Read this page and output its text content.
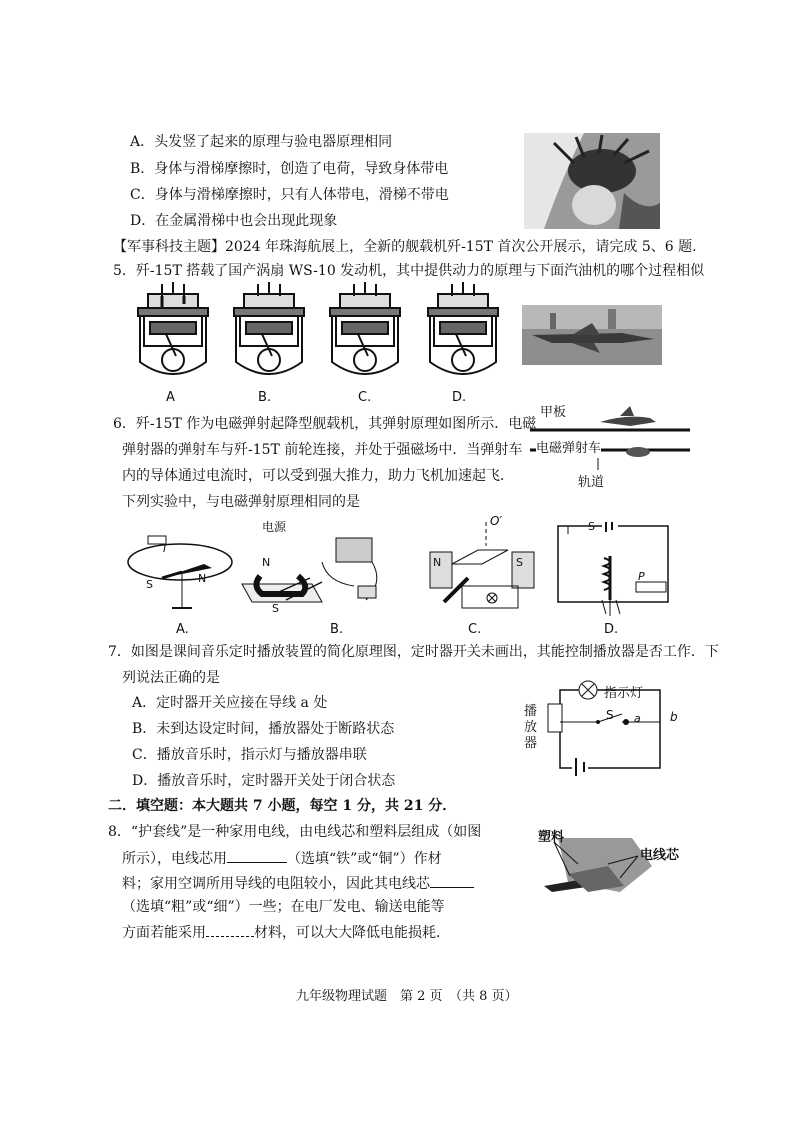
A．头发竖了起来的原理与验电器原理相同
B．身体与滑梯摩擦时，创造了电荷，导致身体带电
C．身体与滑梯摩擦时，只有人体带电，滑梯不带电
D．在金属滑梯中也会出现此现象
【军事科技主题】2024 年珠海航展上，全新的舰载机歼-15T 首次公开展示，请完成 5、6 题.
5．歼-15T 搭载了国产涡扇 WS-10 发动机，其中提供动力的原理与下面汽油机的哪个过程相似
A	B.	C.	D.
6．歼-15T 作为电磁弹射起降型舰载机，其弹射原理如图所示．电磁
弹射器的弹射车与歼-15T 前轮连接，并处于强磁场中．当弹射车
内的导体通过电流时，可以受到强大推力，助力飞机加速起飞．
下列实验中，与电磁弹射原理相同的是
甲板
电磁弹射车
轨道
电源
I
S	N
N
S
O′
N	S
S
P
A.	B.	C.	D.
7．如图是课间音乐定时播放装置的简化原理图，定时器开关未画出，其能控制播放器是否工作．下
列说法正确的是
A．定时器开关应接在导线 a 处
B．未到达设定时间，播放器处于断路状态
C．播放音乐时，指示灯与播放器串联
D．播放音乐时，定时器开关处于闭合状态
指示灯
播放器
S a b
二．填空题：本大题共 7 小题，每空 1 分，共 21 分．
8．“护套线”是一种家用电线，由电线芯和塑料层组成（如图
所示），电线芯用	（选填“铁”或“铜”）作材
料；家用空调所用导线的电阻较小，因此其电线芯
（选填“粗”或“细”）一些；在电厂发电、输送电能等
方面若能采用	材料，可以大大降低电能损耗．
塑料
电线芯
九年级物理试题　第 2 页　（共 8 页）
